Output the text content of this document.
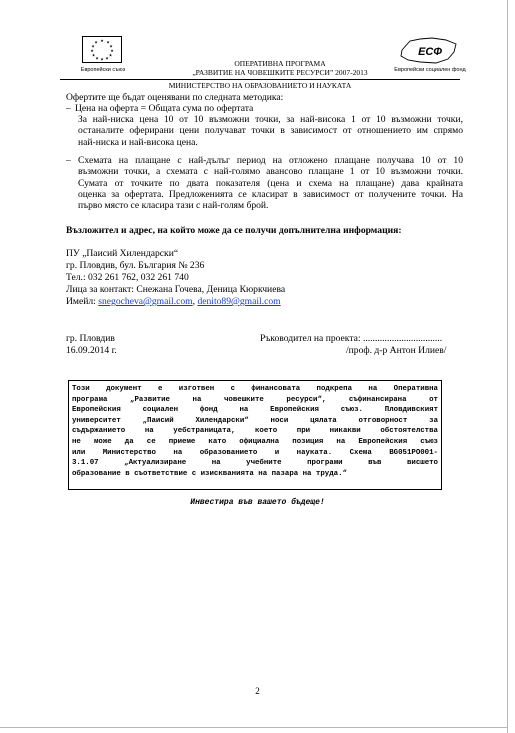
★ ★
★
★
★
★
★
★
★
★
★
★
Европейски съюз
ЕСФ
Европейски социален фонд
ОПЕРАТИВНА ПРОГРАМА
„РАЗВИТИЕ НА ЧОВЕШКИТЕ РЕСУРСИ” 2007-2013
МИНИСТЕРСТВО НА ОБРАЗОВАНИЕТО И НАУКАТА
Офертите ще бъдат оценявани по следната методика:
– Цена на оферта = Общата сума по офертата
За най-ниска цена 10 от 10 възможни точки, за най-висока 1 от 10 възможни точки,
останалите оферирани цени получават точки в зависимост от отношението им спрямо
най-ниска и най-висока цена.
– Схемата на плащане с най-дълъг период на отложено плащане получава 10 от 10
възможни точки, а схемата с най-голямо авансово плащане 1 от 10 възможни точки.
Сумата от точките по двата показателя (цена и схема на плащане) дава крайната
оценка за офертата. Предложенията се класират в зависимост от получените точки. На
първо място се класира тази с най-голям брой.
Възложител и адрес, на който може да се получи допълнителна информация:
ПУ „Паисий Хилендарски“
гр. Пловдив, бул. България № 236
Тел.: 032 261 762, 032 261 740
Лица за контакт: Снежана Гочева, Деница Кюркчиева
Имейл: snegocheva@gmail.com, denito89@gmail.com
гр. Пловдив
16.09.2014 г.
Ръководител на проекта: .................................
/проф. д-р Антон Илиев/
Този документ е изготвен с финансовата подкрепа на Оперативна
програма „Развитие на човешките ресурси“, съфинансирана от
Европейския социален фонд на Европейския съюз. Пловдивският
университет „Паисий Хилендарски“ носи цялата отговорност за
съдържанието на уебстраницата, което при никакви обстоятелства
не може да се приеме като официална позиция на Европейския съюз
или Министерство на образованието и науката. Схема BG051PO001-
3.1.07 „Актуализиране на учебните програми във висшето
образование в съответствие с изискванията на пазара на труда.“
Инвестира във вашето бъдеще!
2
